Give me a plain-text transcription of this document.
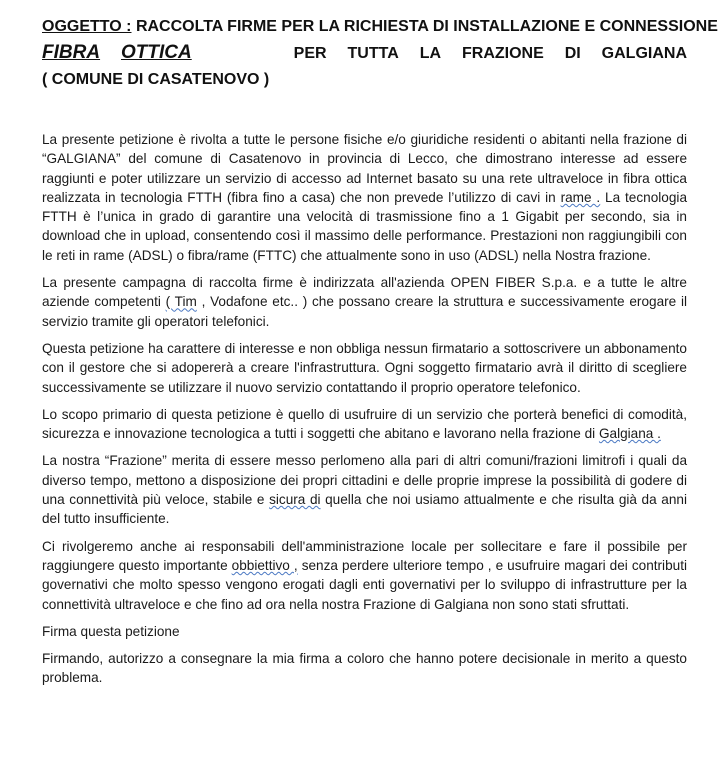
OGGETTO :
RACCOLTA FIRME PER LA RICHIESTA DI INSTALLAZIONE E CONNESSIONE
FIBRA OTTICA	PER TUTTA LA FRAZIONE DI GALGIANA
( COMUNE DI CASATENOVO )

La presente petizione è rivolta a tutte le persone fisiche e/o giuridiche residenti o abitanti nella frazione di “GALGIANA” del comune di Casatenovo in provincia di Lecco, che dimostrano interesse ad essere raggiunti e poter utilizzare un servizio di accesso ad Internet basato su una rete ultraveloce in fibra ottica realizzata in tecnologia FTTH (fibra fino a casa) che non prevede l’utilizzo di cavi in rame . La tecnologia FTTH è l’unica in grado di garantire una velocità di trasmissione fino a 1 Gigabit per secondo, sia in download che in upload, consentendo così il massimo delle performance. Prestazioni non raggiungibili con le reti in rame (ADSL) o fibra/rame (FTTC) che attualmente sono in uso (ADSL) nella Nostra frazione.

La presente campagna di raccolta firme è indirizzata all'azienda OPEN FIBER S.p.a. e a tutte le altre aziende competenti ( Tim , Vodafone etc.. ) che possano creare la struttura e successivamente erogare il servizio tramite gli operatori telefonici.

Questa petizione ha carattere di interesse e non obbliga nessun firmatario a sottoscrivere un abbonamento con il gestore che si adopererà a creare l'infrastruttura. Ogni soggetto firmatario avrà il diritto di scegliere successivamente se utilizzare il nuovo servizio contattando il proprio operatore telefonico.

Lo scopo primario di questa petizione è quello di usufruire di un servizio che porterà benefici di comodità, sicurezza e innovazione tecnologica a tutti i soggetti che abitano e lavorano nella frazione di Galgiana .

La nostra “Frazione” merita di essere messo perlomeno alla pari di altri comuni/frazioni limitrofi i quali da diverso tempo, mettono a disposizione dei propri cittadini e delle proprie imprese la possibilità di godere di una connettività più veloce, stabile e sicura di quella che noi usiamo attualmente e che risulta già da anni del tutto insufficiente.

Ci rivolgeremo anche ai responsabili dell'amministrazione locale per sollecitare e fare il possibile per raggiungere questo importante obbiettivo , senza perdere ulteriore tempo , e usufruire magari dei contributi governativi che molto spesso vengono erogati dagli enti governativi per lo sviluppo di infrastrutture per la connettività ultraveloce e che fino ad ora nella nostra Frazione di Galgiana non sono stati sfruttati.

Firma questa petizione

Firmando, autorizzo a consegnare la mia firma a coloro che hanno potere decisionale in merito a questo problema.
